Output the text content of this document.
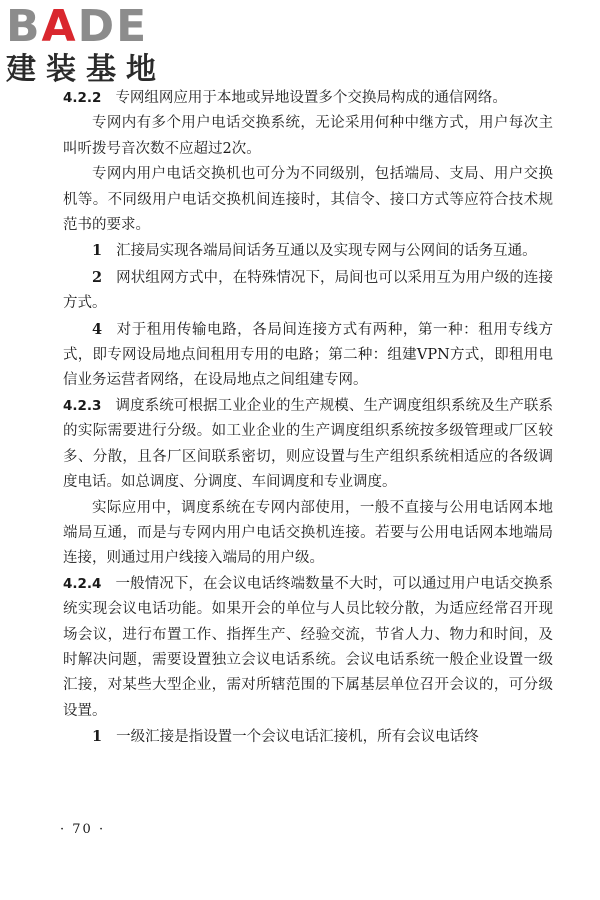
BADE
建装基地

4.2.2 专网组网应用于本地或异地设置多个交换局构成的通信网络。

专网内有多个用户电话交换系统，无论采用何种中继方式，用户每次主叫听拨号音次数不应超过2次。

专网内用户电话交换机也可分为不同级别，包括端局、支局、用户交换机等。不同级用户电话交换机间连接时，其信令、接口方式等应符合技术规范书的要求。

1 汇接局实现各端局间话务互通以及实现专网与公网间的话务互通。

2 网状组网方式中，在特殊情况下，局间也可以采用互为用户级的连接方式。

4 对于租用传输电路，各局间连接方式有两种，第一种：租用专线方式，即专网设局地点间租用专用的电路；第二种：组建VPN方式，即租用电信业务运营者网络，在设局地点之间组建专网。

4.2.3 调度系统可根据工业企业的生产规模、生产调度组织系统及生产联系的实际需要进行分级。如工业企业的生产调度组织系统按多级管理或厂区较多、分散，且各厂区间联系密切，则应设置与生产组织系统相适应的各级调度电话。如总调度、分调度、车间调度和专业调度。

实际应用中，调度系统在专网内部使用，一般不直接与公用电话网本地端局互通，而是与专网内用户电话交换机连接。若要与公用电话网本地端局连接，则通过用户线接入端局的用户级。

4.2.4 一般情况下，在会议电话终端数量不大时，可以通过用户电话交换系统实现会议电话功能。如果开会的单位与人员比较分散，为适应经常召开现场会议，进行布置工作、指挥生产、经验交流，节省人力、物力和时间，及时解决问题，需要设置独立会议电话系统。会议电话系统一般企业设置一级汇接，对某些大型企业，需对所辖范围的下属基层单位召开会议的，可分级设置。

1 一级汇接是指设置一个会议电话汇接机，所有会议电话终

· 70 ·
